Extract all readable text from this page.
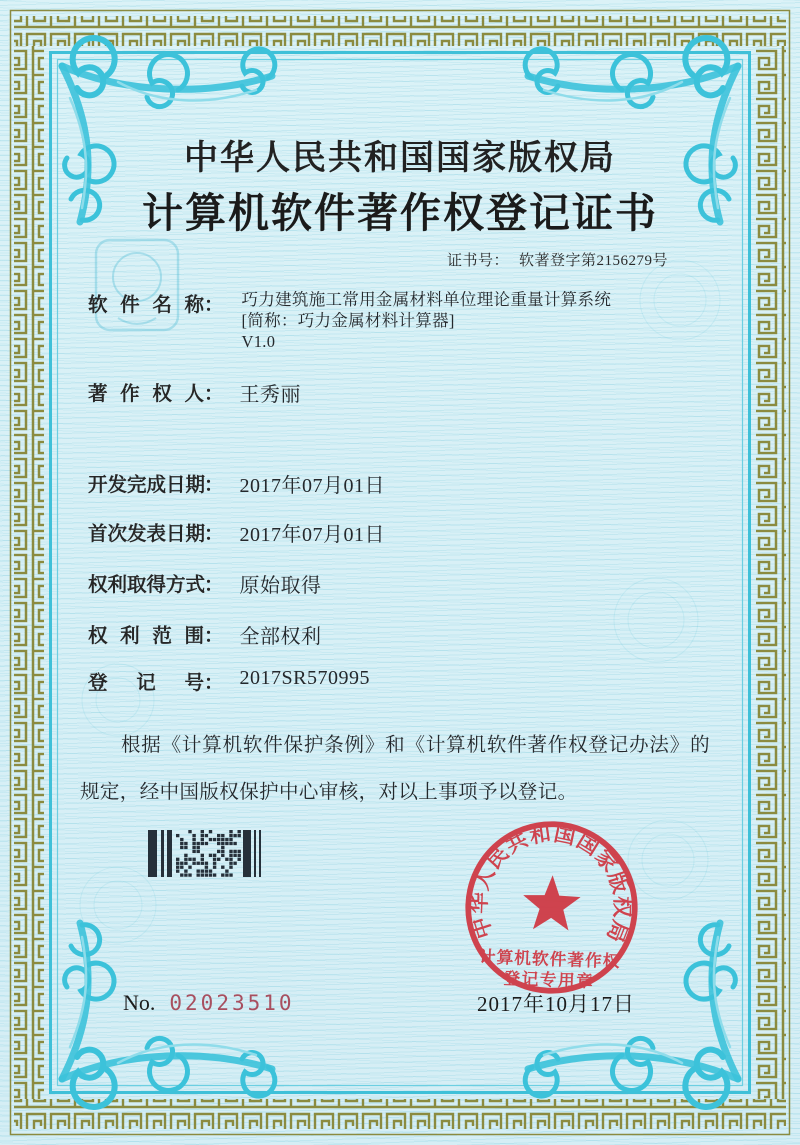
中华人民共和国国家版权局
计算机软件著作权登记证书
证书号： 软著登字第2156279号
软件名称： 巧力建筑施工常用金属材料单位理论重量计算系统
[简称：巧力金属材料计算器]
V1.0
著作权人： 王秀丽
开发完成日期： 2017年07月01日
首次发表日期： 2017年07月01日
权利取得方式： 原始取得
权利范围： 全部权利
登记号： 2017SR570995
根据《计算机软件保护条例》和《计算机软件著作权登记办法》的规定，经中国版权保护中心审核，对以上事项予以登记。
2017年10月17日
No. 02023510
中华人民共和国国家版权局
计算机软件著作权
登记专用章
